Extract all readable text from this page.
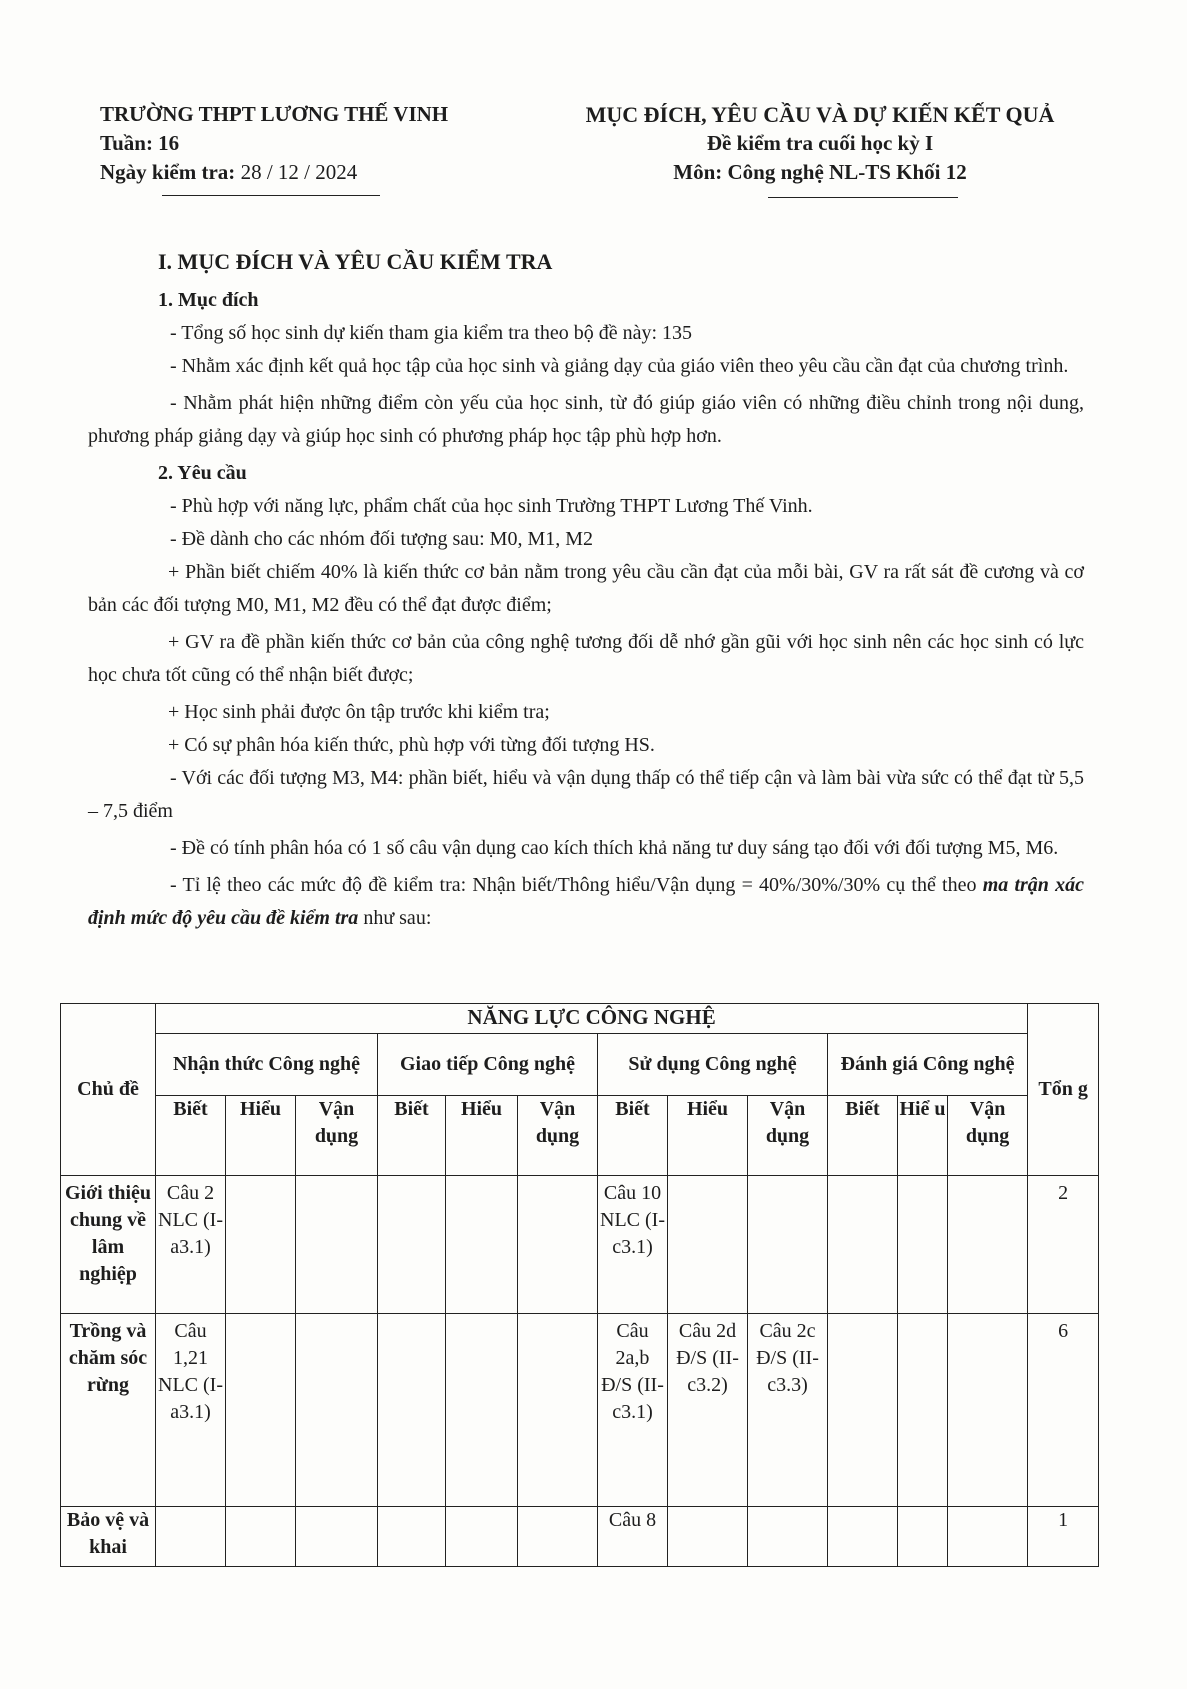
TRƯỜNG THPT LƯƠNG THẾ VINH
Tuần: 16
Ngày kiểm tra: 28 / 12 / 2024
MỤC ĐÍCH, YÊU CẦU VÀ DỰ KIẾN KẾT QUẢ
Đề kiểm tra cuối học kỳ I
Môn: Công nghệ NL-TS Khối 12

I. MỤC ĐÍCH VÀ YÊU CẦU KIỂM TRA

1. Mục đích

- Tổng số học sinh dự kiến tham gia kiểm tra theo bộ đề này: 135

- Nhằm xác định kết quả học tập của học sinh và giảng dạy của giáo viên theo yêu cầu cần đạt của chương trình.

- Nhằm phát hiện những điểm còn yếu của học sinh, từ đó giúp giáo viên có những điều chỉnh trong nội dung, phương pháp giảng dạy và giúp học sinh có phương pháp học tập phù hợp hơn.

2. Yêu cầu

- Phù hợp với năng lực, phẩm chất của học sinh Trường THPT Lương Thế Vinh.

- Đề dành cho các nhóm đối tượng sau: M0, M1, M2

+ Phần biết chiếm 40% là kiến thức cơ bản nằm trong yêu cầu cần đạt của mỗi bài, GV ra rất sát đề cương và cơ bản các đối tượng M0, M1, M2 đều có thể đạt được điểm;

+ GV ra đề phần kiến thức cơ bản của công nghệ tương đối dễ nhớ gần gũi với học sinh nên các học sinh có lực học chưa tốt cũng có thể nhận biết được;

+ Học sinh phải được ôn tập trước khi kiểm tra;

+ Có sự phân hóa kiến thức, phù hợp với từng đối tượng HS.

- Với các đối tượng M3, M4: phần biết, hiểu và vận dụng thấp có thể tiếp cận và làm bài vừa sức có thể đạt từ 5,5 – 7,5 điểm

- Đề có tính phân hóa có 1 số câu vận dụng cao kích thích khả năng tư duy sáng tạo đối với đối tượng M5, M6.

- Tỉ lệ theo các mức độ đề kiểm tra: Nhận biết/Thông hiểu/Vận dụng = 40%/30%/30% cụ thể theo ma trận xác định mức độ yêu cầu đề kiểm tra như sau:

Chủ đề	NĂNG LỰC CÔNG NGHỆ												Tổn g
	Nhận thức Công nghệ			Giao tiếp Công nghệ			Sử dụng Công nghệ			Đánh giá Công nghệ			
	Biết	Hiểu	Vận dụng	Biết	Hiểu	Vận dụng	Biết	Hiểu	Vận dụng	Biết	Hiể u	Vận dụng	
Giới thiệu chung về lâm nghiệp	Câu 2 NLC (I-a3.1)						Câu 10 NLC (I-c3.1)						2
Trồng và chăm sóc rừng	Câu 1,21 NLC (I-a3.1)						Câu 2a,b Đ/S (II-c3.1)	Câu 2d Đ/S (II-c3.2)	Câu 2c Đ/S (II-c3.3)				6
Bảo vệ và khai							Câu 8						1
